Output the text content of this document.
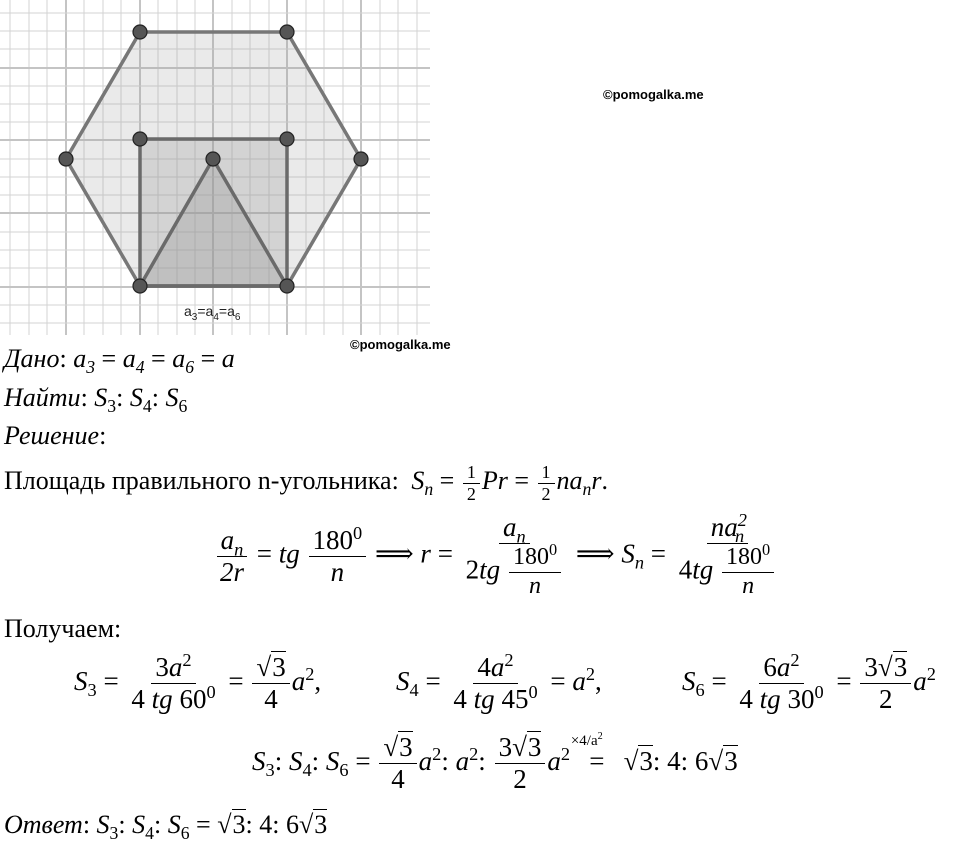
$a_3=a_4=a_6$
©pomogalka.me
©pomogalka.me
Дано: $a_3 = a_4 = a_6 = a$
Найти: $S_3$: $S_4$: $S_6$
Решение:
Площадь правильного n-угольника: $S_n = \frac{1}{2}$ $Pr = \frac{1}{2} na_nr$.
$\frac{a_n}{2r}$ = tg $\frac{180^0}{n}$ ⟹ $r = \frac{a_n}{2tg \frac{180^0}{n}}$ ⟹ $S_n = \frac{na^2_n}{4tg \frac{180^0}{n}}$
Получаем:
$S_3 = \frac{3a^2}{4 tg 60^0} = \frac{√3}{4} a^2$,	$S_4 = \frac{4a^2}{4 tg 45^0} = a^2$,	$S_6 = \frac{6a^2}{4 tg 30^0} = \frac{3√3}{2} a^2$
$S_3$: $S_4$: $S_6 = \frac{√3}{4} a^2$: $a^2$: $\frac{3√3}{2} a^2$
$\times 4/a^2$
= √3: 4: 6√3
Ответ: $S_3$: $S_4$: $S_6 = √3$: 4: 6√3
